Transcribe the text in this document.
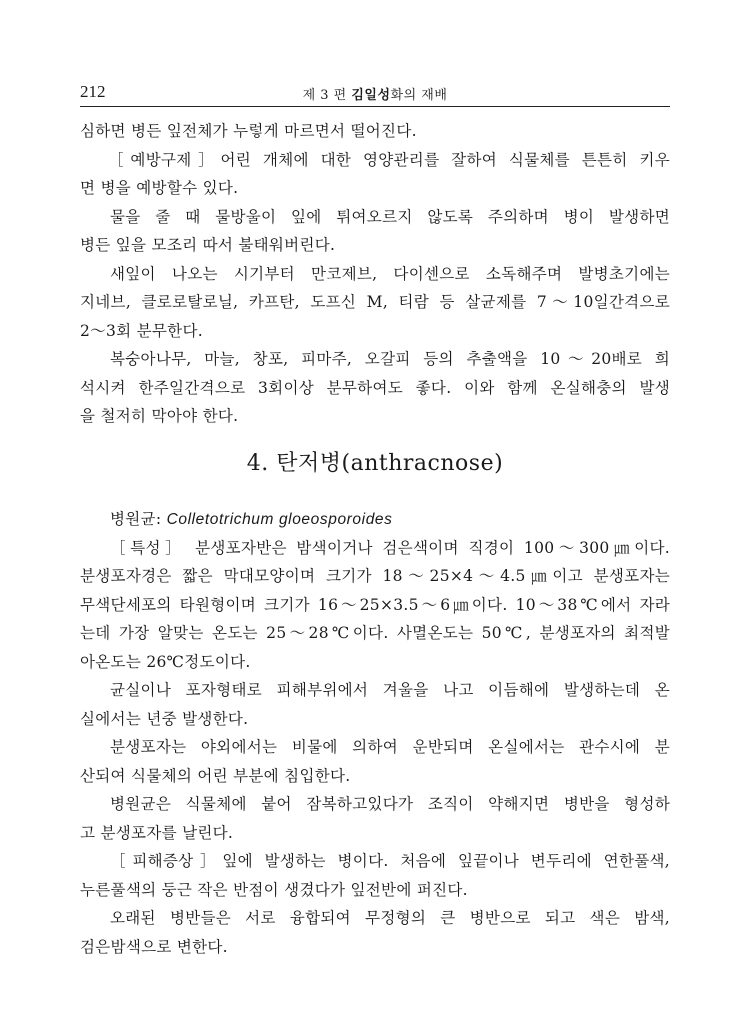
212	제 3 편 김일성화의 재배
심하면 병든 잎전체가 누렇게 마르면서 떨어진다.
［예방구제］어린 개체에 대한 영양관리를 잘하여 식물체를 튼튼히 키우
면 병을 예방할수 있다.
물을 줄 때 물방울이 잎에 튀여오르지 않도록 주의하며 병이 발생하면
병든 잎을 모조리 따서 불태워버린다.
새잎이 나오는 시기부터 만코제브, 다이센으로 소독해주며 발병초기에는
지네브, 클로로탈로닐, 카프탄, 도프신 M, 티람 등 살균제를 7～10일간격으로
2～3회 분무한다.
복숭아나무, 마늘, 창포, 피마주, 오갈피 등의 추출액을 10～20배로 희
석시켜 한주일간격으로 3회이상 분무하여도 좋다. 이와 함께 온실해충의 발생
을 철저히 막아야 한다.
4. 탄저병(anthracnose)
병원균: Colletotrichum gloeosporoides
［특성］ 분생포자반은 밤색이거나 검은색이며 직경이 100～300㎛이다.
분생포자경은 짧은 막대모양이며 크기가 18～25×4～4.5㎛이고 분생포자는
무색단세포의 타원형이며 크기가 16～25×3.5～6㎛이다. 10～38℃에서 자라
는데 가장 알맞는 온도는 25～28℃이다. 사멸온도는 50℃, 분생포자의 최적발
아온도는 26℃정도이다.
균실이나 포자형태로 피해부위에서 겨울을 나고 이듬해에 발생하는데 온
실에서는 년중 발생한다.
분생포자는 야외에서는 비물에 의하여 운반되며 온실에서는 관수시에 분
산되여 식물체의 어린 부분에 침입한다.
병원균은 식물체에 붙어 잠복하고있다가 조직이 약해지면 병반을 형성하
고 분생포자를 날린다.
［피해증상］잎에 발생하는 병이다. 처음에 잎끝이나 변두리에 연한풀색,
누른풀색의 둥근 작은 반점이 생겼다가 잎전반에 퍼진다.
오래된 병반들은 서로 융합되여 무정형의 큰 병반으로 되고 색은 밤색,
검은밤색으로 변한다.
